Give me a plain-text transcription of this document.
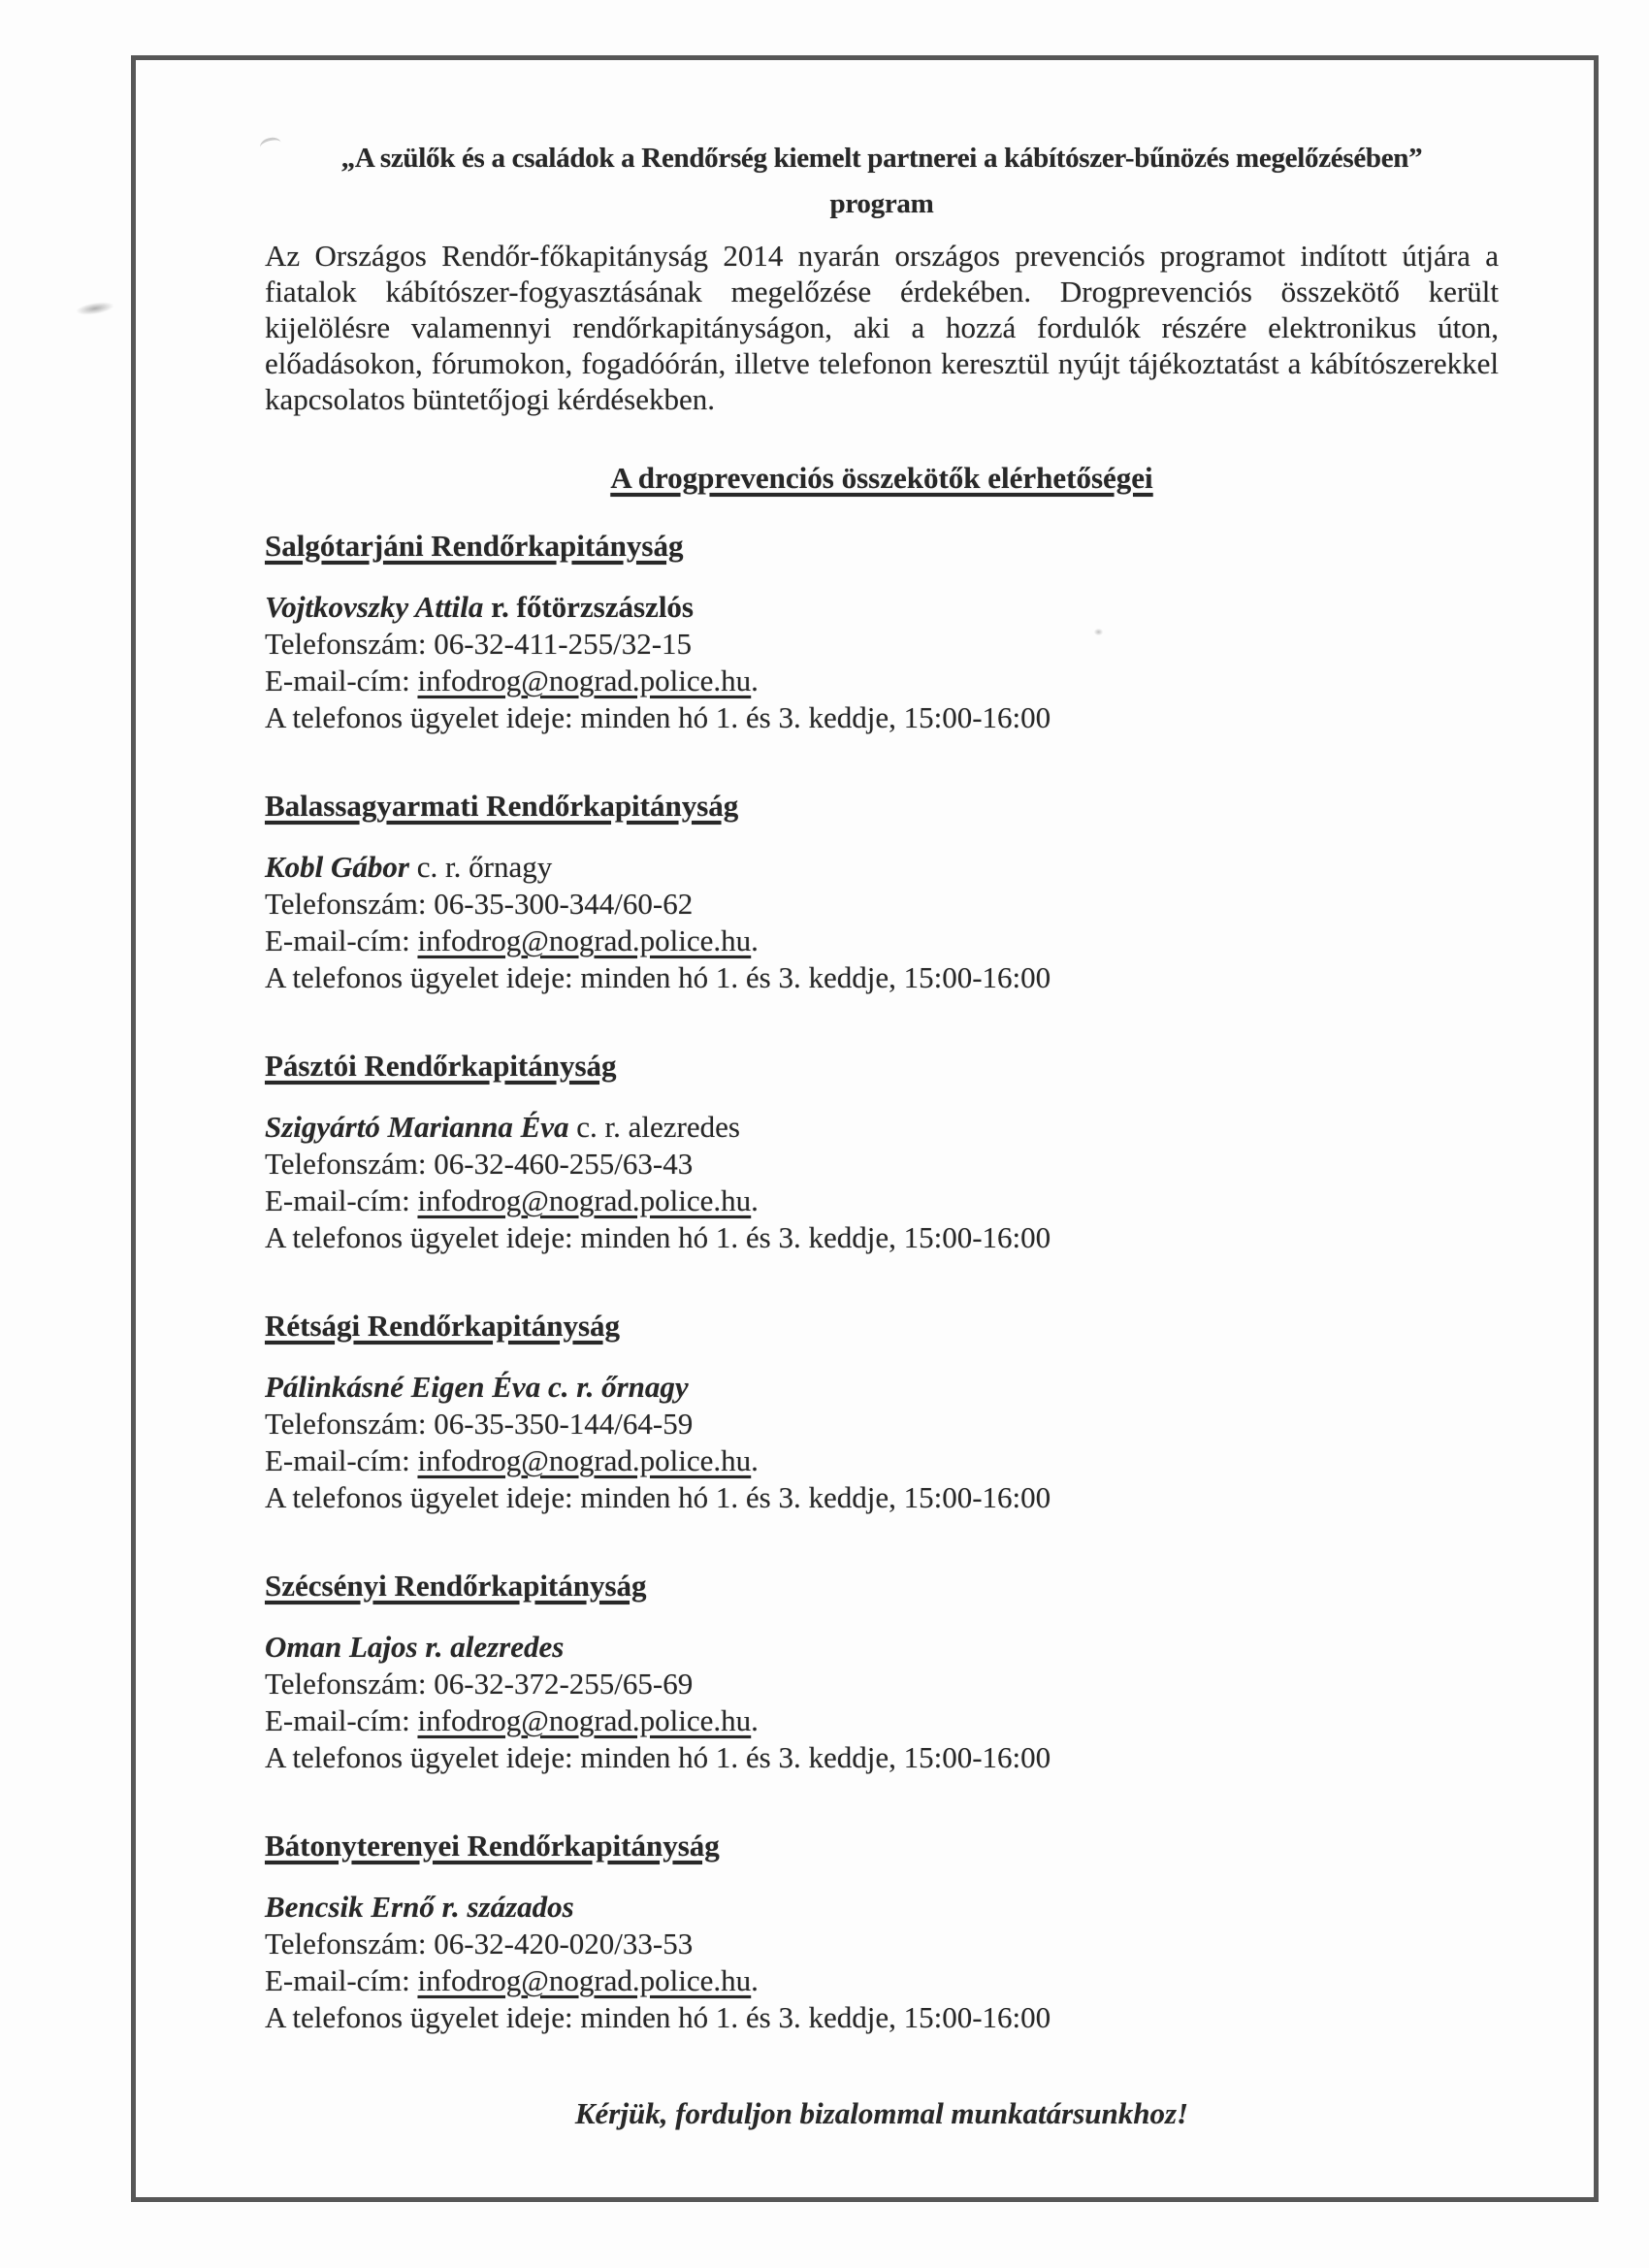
„A szülők és a családok a Rendőrség kiemelt partnerei a kábítószer-bűnözés megelőzésében”
program

Az Országos Rendőr-főkapitányság 2014 nyarán országos prevenciós programot indított útjára a fiatalok kábítószer-fogyasztásának megelőzése érdekében. Drogprevenciós összekötő került kijelölésre valamennyi rendőrkapitányságon, aki a hozzá fordulók részére elektronikus úton, előadásokon, fórumokon, fogadóórán, illetve telefonon keresztül nyújt tájékoztatást a kábítószerekkel kapcsolatos büntetőjogi kérdésekben.

A drogprevenciós összekötők elérhetőségei
Salgótarjáni Rendőrkapitányság
Vojtkovszky Attila r. főtörzszászlós
Telefonszám: 06-32-411-255/32-15
E-mail-cím: infodrog@nograd.police.hu.
A telefonos ügyelet ideje: minden hó 1. és 3. keddje, 15:00-16:00
Balassagyarmati Rendőrkapitányság
Kobl Gábor c. r. őrnagy
Telefonszám: 06-35-300-344/60-62
E-mail-cím: infodrog@nograd.police.hu.
A telefonos ügyelet ideje: minden hó 1. és 3. keddje, 15:00-16:00
Pásztói Rendőrkapitányság
Szigyártó Marianna Éva c. r. alezredes
Telefonszám: 06-32-460-255/63-43
E-mail-cím: infodrog@nograd.police.hu.
A telefonos ügyelet ideje: minden hó 1. és 3. keddje, 15:00-16:00
Rétsági Rendőrkapitányság
Pálinkásné Eigen Éva c. r. őrnagy
Telefonszám: 06-35-350-144/64-59
E-mail-cím: infodrog@nograd.police.hu.
A telefonos ügyelet ideje: minden hó 1. és 3. keddje, 15:00-16:00
Szécsényi Rendőrkapitányság
Oman Lajos r. alezredes
Telefonszám: 06-32-372-255/65-69
E-mail-cím: infodrog@nograd.police.hu.
A telefonos ügyelet ideje: minden hó 1. és 3. keddje, 15:00-16:00
Bátonyterenyei Rendőrkapitányság
Bencsik Ernő r. százados
Telefonszám: 06-32-420-020/33-53
E-mail-cím: infodrog@nograd.police.hu.
A telefonos ügyelet ideje: minden hó 1. és 3. keddje, 15:00-16:00
Kérjük, forduljon bizalommal munkatársunkhoz!
